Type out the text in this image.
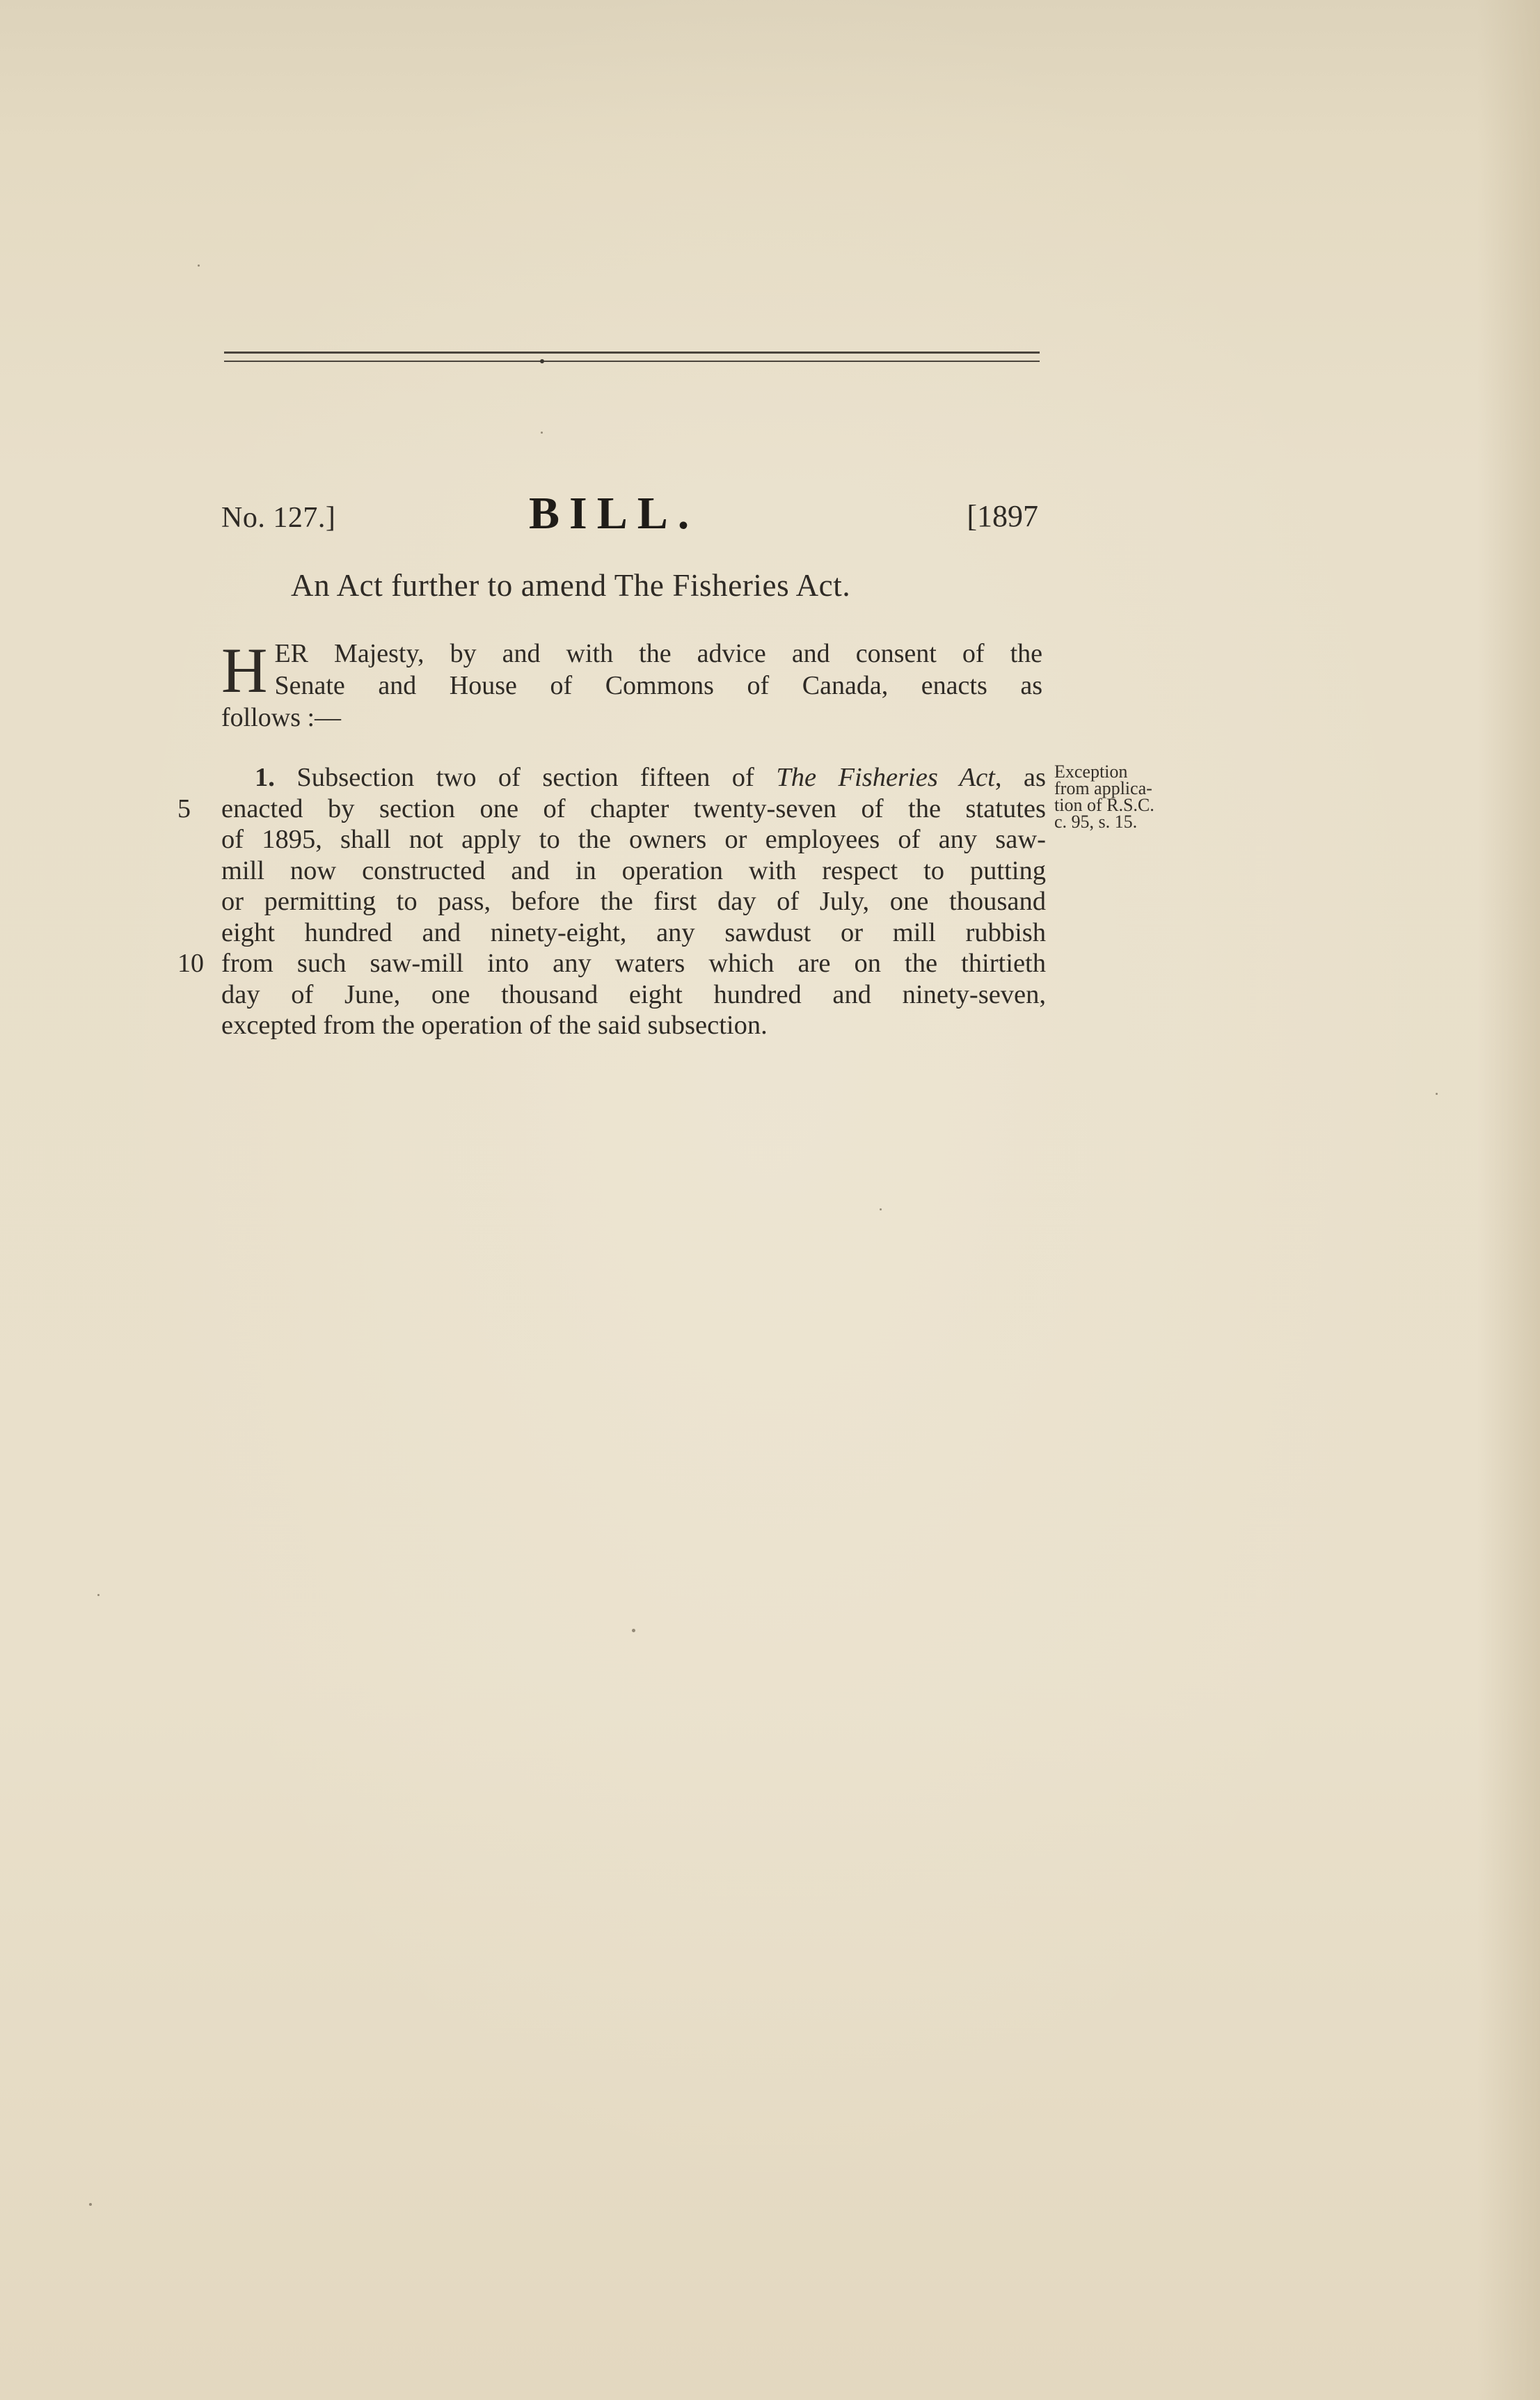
No. 127.]	BILL.	[1897
An Act further to amend The Fisheries Act.
H ER Majesty, by and with the advice and consent of the
Senate and House of Commons of Canada, enacts as
follows :—
1. Subsection two of section fifteen of The Fisheries Act, as
5	enacted by section one of chapter twenty-seven of the statutes
of 1895, shall not apply to the owners or employees of any saw-
mill now constructed and in operation with respect to putting
or permitting to pass, before the first day of July, one thousand
eight hundred and ninety-eight, any sawdust or mill rubbish
10 from such saw-mill into any waters which are on the thirtieth
day of June, one thousand eight hundred and ninety-seven,
excepted from the operation of the said subsection.
Exception
from applica-
tion of R.S.C.
c. 95, s. 15.
